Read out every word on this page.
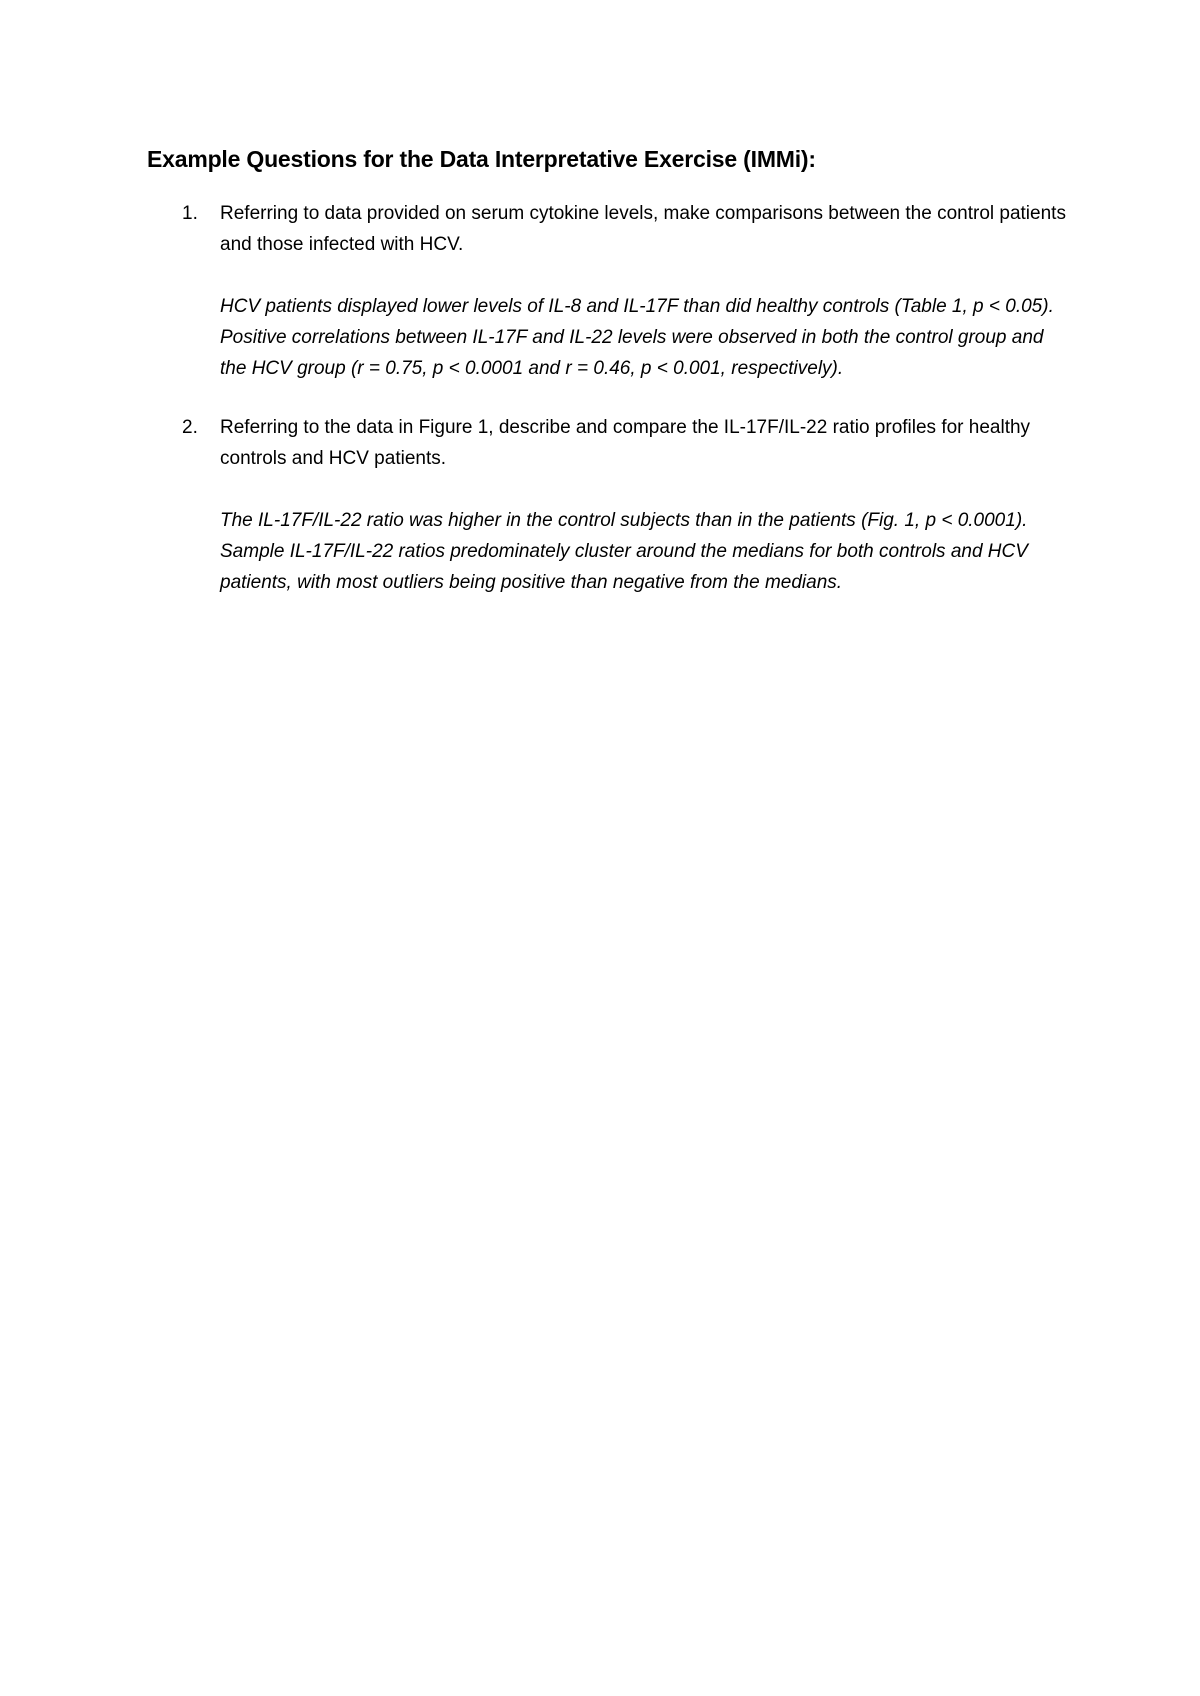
Example Questions for the Data Interpretative Exercise (IMMi):
1. Referring to data provided on serum cytokine levels, make comparisons between the control patients and those infected with HCV.

HCV patients displayed lower levels of IL-8 and IL-17F than did healthy controls (Table 1, p < 0.05). Positive correlations between IL-17F and IL-22 levels were observed in both the control group and the HCV group (r = 0.75, p < 0.0001 and r = 0.46, p < 0.001, respectively).

2. Referring to the data in Figure 1, describe and compare the IL-17F/IL-22 ratio profiles for healthy controls and HCV patients.

The IL-17F/IL-22 ratio was higher in the control subjects than in the patients (Fig. 1, p < 0.0001). Sample IL-17F/IL-22 ratios predominately cluster around the medians for both controls and HCV patients, with most outliers being positive than negative from the medians.
